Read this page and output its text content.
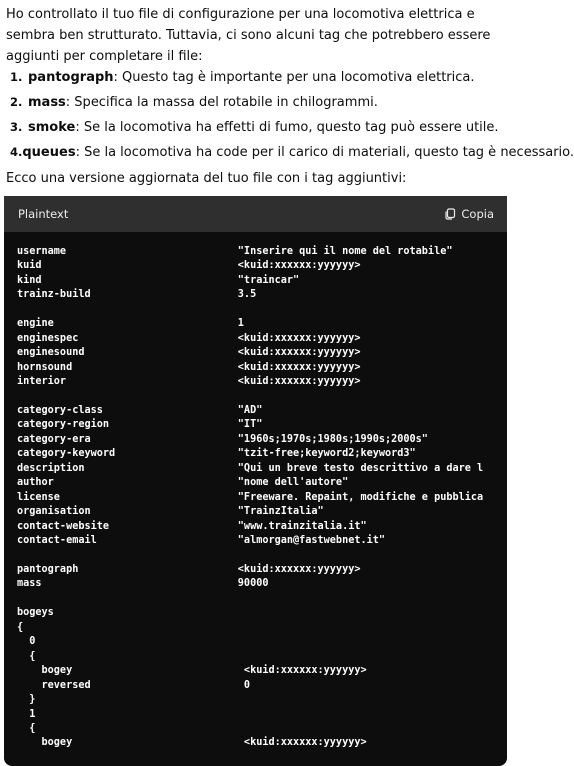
Ho controllato il tuo file di configurazione per una locomotiva elettrica e sembra ben strutturato. Tuttavia, ci sono alcuni tag che potrebbero essere aggiunti per completare il file:

1. pantograph: Questo tag è importante per una locomotiva elettrica.
2. mass: Specifica la massa del rotabile in chilogrammi.
3. smoke: Se la locomotiva ha effetti di fumo, questo tag può essere utile.
4. queues: Se la locomotiva ha code per il carico di materiali, questo tag è necessario.

Ecco una versione aggiornata del tuo file con i tag aggiuntivi:

Plaintext	Copia
username                            "Inserire qui il nome del rotabile"
kuid                                <kuid:xxxxxx:yyyyyy>
kind                                "traincar"
trainz-build                        3.5

engine                              1
enginespec                          <kuid:xxxxxx:yyyyyy>
enginesound                         <kuid:xxxxxx:yyyyyy>
hornsound                           <kuid:xxxxxx:yyyyyy>
interior                            <kuid:xxxxxx:yyyyyy>

category-class                      "AD"
category-region                     "IT"
category-era                        "1960s;1970s;1980s;1990s;2000s"
category-keyword                    "tzit-free;keyword2;keyword3"
description                         "Qui un breve testo descrittivo a dare l
author                              "nome dell'autore"
license                             "Freeware. Repaint, modifiche e pubblica
organisation                        "TrainzItalia"
contact-website                     "www.trainzitalia.it"
contact-email                       "almorgan@fastwebnet.it"

pantograph                          <kuid:xxxxxx:yyyyyy>
mass                                90000

bogeys
{
0
{
bogey                            <kuid:xxxxxx:yyyyyy>
reversed                         0
}
1
{
bogey                            <kuid:xxxxxx:yyyyyy>
